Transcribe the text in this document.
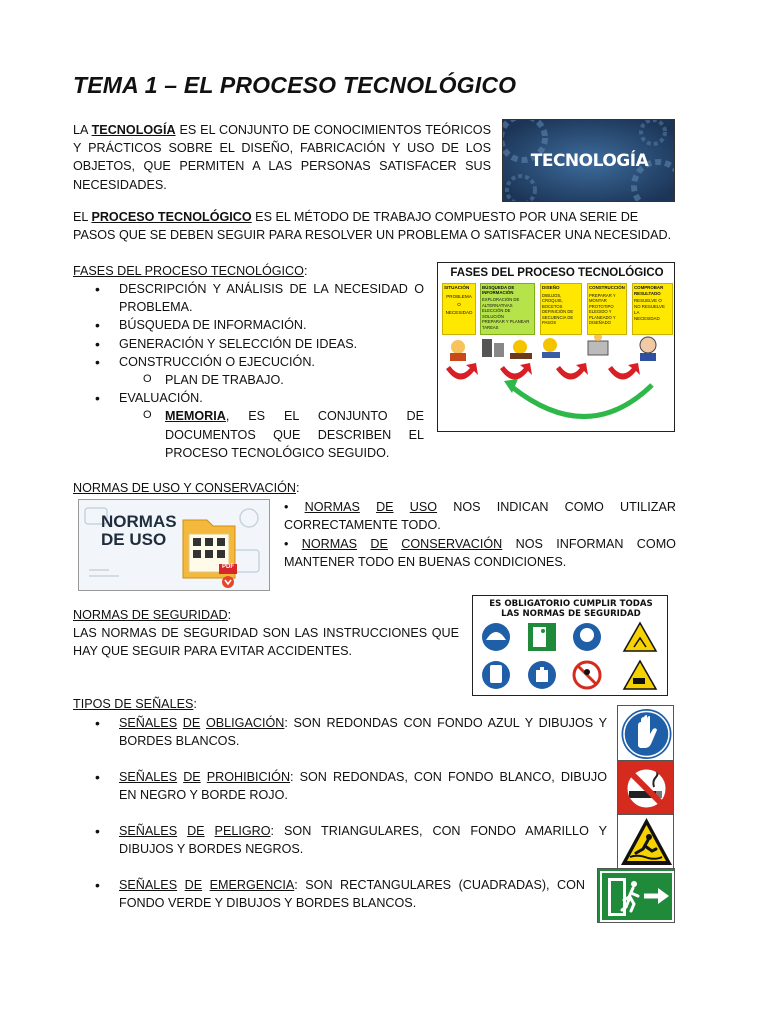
TEMA 1 – EL PROCESO TECNOLÓGICO
LA TECNOLOGÍA ES EL CONJUNTO DE CONOCIMIENTOS TEÓRICOS Y PRÁCTICOS SOBRE EL DISEÑO, FABRICACIÓN Y USO DE LOS OBJETOS, QUE PERMITEN A LAS PERSONAS SATISFACER SUS NECESIDADES.
TECNOLOGÍA
EL PROCESO TECNOLÓGICO ES EL MÉTODO DE TRABAJO COMPUESTO POR UNA SERIE DE PASOS QUE SE DEBEN SEGUIR PARA RESOLVER UN PROBLEMA O SATISFACER UNA NECESIDAD.
FASES DEL PROCESO TECNOLÓGICO:
• DESCRIPCIÓN Y ANÁLISIS DE LA NECESIDAD O PROBLEMA.
• BÚSQUEDA DE INFORMACIÓN.
• GENERACIÓN Y SELECCIÓN DE IDEAS.
• CONSTRUCCIÓN O EJECUCIÓN.
O PLAN DE TRABAJO.
• EVALUACIÓN.
O MEMORIA, ES EL CONJUNTO DE DOCUMENTOS QUE DESCRIBEN EL PROCESO TECNOLÓGICO SEGUIDO.
FASES DEL PROCESO TECNOLÓGICO
SITUACIÓN
PROBLEMA
O
NECESIDAD
BÚSQUEDA DE INFORMACIÓN
EXPLORACIÓN DE ALTERNATIVAS
ELECCIÓN DE SOLUCIÓN
PREPARAR Y PLANEAR TAREAS
DISEÑO
DIBUJOS, CROQUIS, BOCETOS
DEFINICIÓN DE SECUENCIA DE PASOS
CONSTRUCCIÓN
PREPARAR Y MONTAR PROTOTIPO
ELEGIDO Y PLANEADO Y DISEÑADO
COMPROBAR RESULTADO
RESUELVE O
NO RESUELVE LA
NECESIDAD
NORMAS DE USO Y CONSERVACIÓN:
NORMAS
DE USO
PDF
• NORMAS DE USO NOS INDICAN COMO UTILIZAR CORRECTAMENTE TODO.
• NORMAS DE CONSERVACIÓN NOS INFORMAN COMO MANTENER TODO EN BUENAS CONDICIONES.
NORMAS DE SEGURIDAD:
LAS NORMAS DE SEGURIDAD SON LAS INSTRUCCIONES QUE HAY QUE SEGUIR PARA EVITAR ACCIDENTES.
ES OBLIGATORIO CUMPLIR TODAS
LAS NORMAS DE SEGURIDAD
TIPOS DE SEÑALES:
• SEÑALES DE OBLIGACIÓN: SON REDONDAS CON FONDO AZUL Y DIBUJOS Y BORDES BLANCOS.
• SEÑALES DE PROHIBICIÓN: SON REDONDAS, CON FONDO BLANCO, DIBUJO EN NEGRO Y BORDE ROJO.
• SEÑALES DE PELIGRO: SON TRIANGULARES, CON FONDO AMARILLO Y DIBUJOS Y BORDES NEGROS.
• SEÑALES DE EMERGENCIA: SON RECTANGULARES (CUADRADAS), CON FONDO VERDE Y DIBUJOS Y BORDES BLANCOS.
